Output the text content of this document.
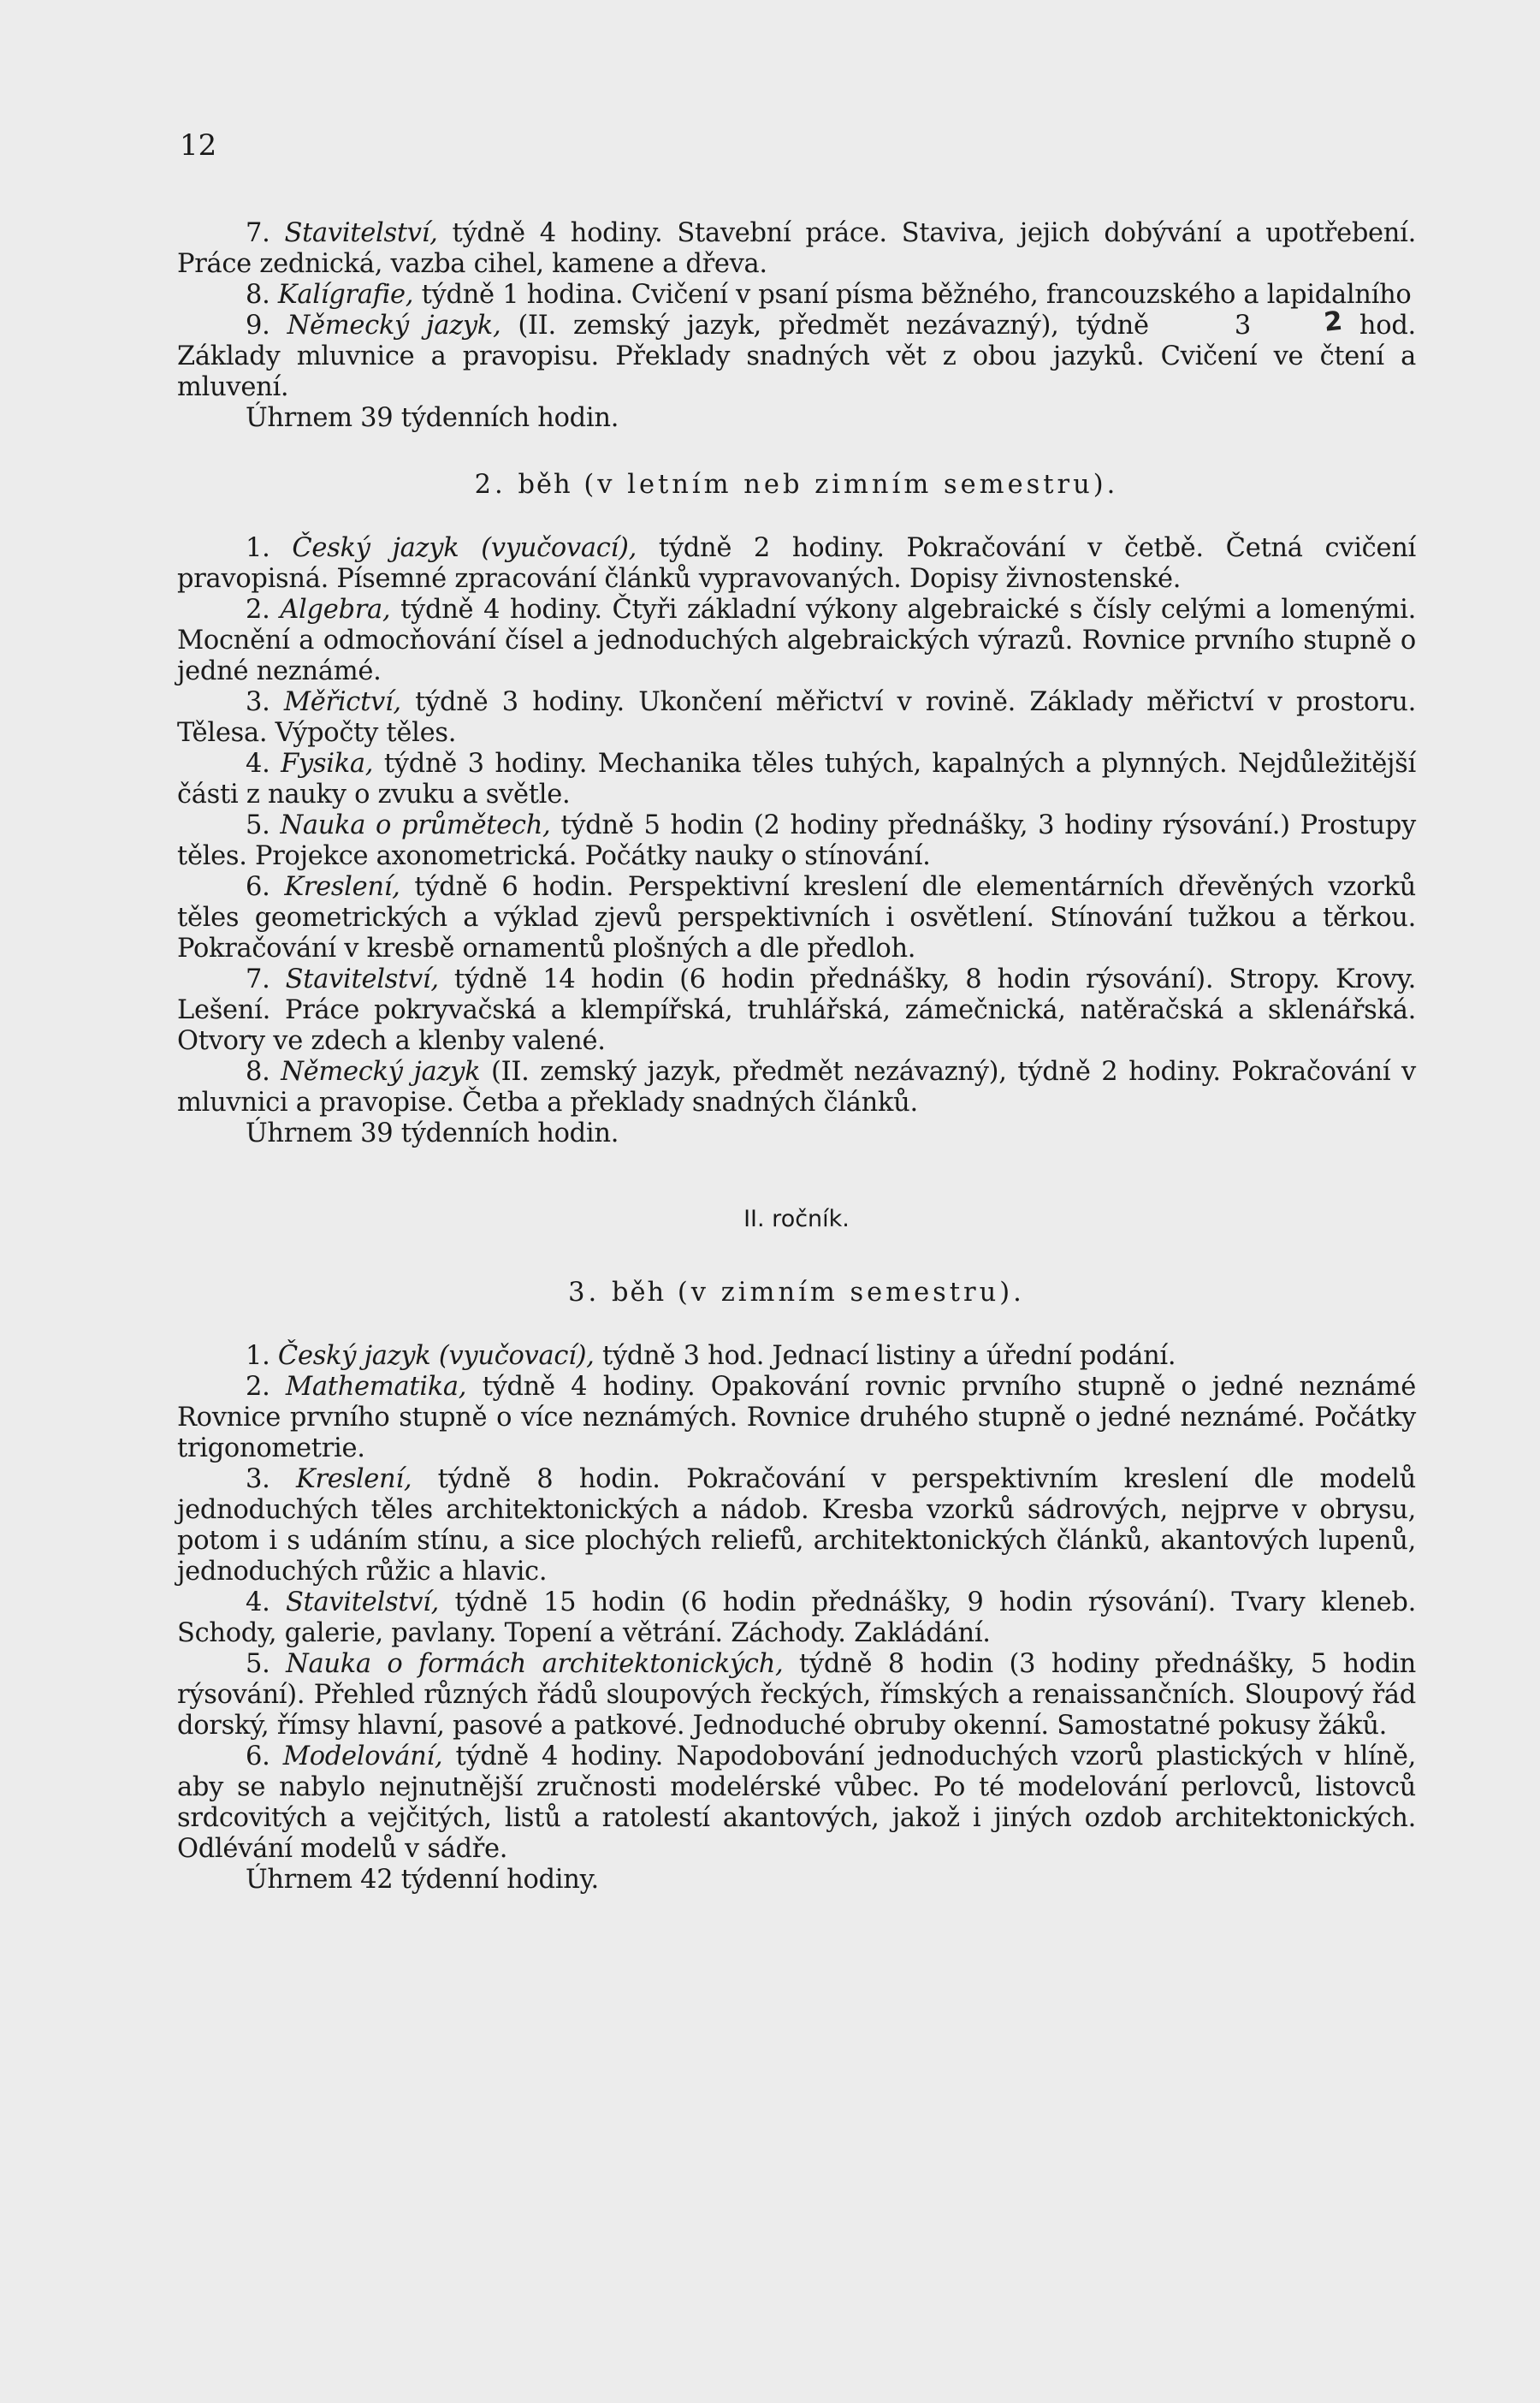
12

7. Stavitelství, týdně 4 hodiny. Stavební práce. Staviva, jejich dobývání a upotřebení. Práce zednická, vazba cihel, kamene a dřeva.

8. Kalígrafie, týdně 1 hodina. Cvičení v psaní písma běžného, francouzského a lapidalního

9. Německý jazyk, (II. zemský jazyk, předmět nezávazný), týdně	3	2 hod. Základy mluvnice a pravopisu. Překlady snadných vět z obou jazyků. Cvičení ve čtení a mluvení.

Úhrnem 39 týdenních hodin.

2. běh (v letním neb zimním semestru).

1. Český jazyk (vyučovací), týdně 2 hodiny. Pokračování v četbě. Četná cvičení pravopisná. Písemné zpracování článků vypravovaných. Dopisy živnostenské.

2. Algebra, týdně 4 hodiny. Čtyři základní výkony algebraické s čísly celými a lomenými. Mocnění a odmocňování čísel a jednoduchých algebraických výrazů. Rovnice prvního stupně o jedné neznámé.

3. Měřictví, týdně 3 hodiny. Ukončení měřictví v rovině. Základy měřictví v prostoru. Tělesa. Výpočty těles.

4. Fysika, týdně 3 hodiny. Mechanika těles tuhých, kapalných a plynných. Nejdůležitější části z nauky o zvuku a světle.

5. Nauka o průmětech, týdně 5 hodin (2 hodiny přednášky, 3 hodiny rýsování.) Prostupy těles. Projekce axonometrická. Počátky nauky o stínování.

6. Kreslení, týdně 6 hodin. Perspektivní kreslení dle elementárních dřevěných vzorků těles geometrických a výklad zjevů perspektivních i osvětlení. Stínování tužkou a těrkou. Pokračování v kresbě ornamentů plošných a dle předloh.

7. Stavitelství, týdně 14 hodin (6 hodin přednášky, 8 hodin rýsování). Stropy. Krovy. Lešení. Práce pokryvačská a klempířská, truhlářská, zámečnická, natěračská a sklenářská. Otvory ve zdech a klenby valené.

8. Německý jazyk (II. zemský jazyk, předmět nezávazný), týdně 2 hodiny. Pokračování v mluvnici a pravopise. Četba a překlady snadných článků.

Úhrnem 39 týdenních hodin.

II. ročník.

3. běh (v zimním semestru).

1. Český jazyk (vyučovací), týdně 3 hod. Jednací listiny a úřední podání.

2. Mathematika, týdně 4 hodiny. Opakování rovnic prvního stupně o jedné neznámé Rovnice prvního stupně o více neznámých. Rovnice druhého stupně o jedné neznámé. Počátky trigonometrie.

3. Kreslení, týdně 8 hodin. Pokračování v perspektivním kreslení dle modelů jednoduchých těles architektonických a nádob. Kresba vzorků sádrových, nejprve v obrysu, potom i s udáním stínu, a sice plochých reliefů, architektonických článků, akantových lupenů, jednoduchých růžic a hlavic.

4. Stavitelství, týdně 15 hodin (6 hodin přednášky, 9 hodin rýsování). Tvary kleneb. Schody, galerie, pavlany. Topení a větrání. Záchody. Zakládání.

5. Nauka o formách architektonických, týdně 8 hodin (3 hodiny přednášky, 5 hodin rýsování). Přehled různých řádů sloupových řeckých, římských a renaissančních. Sloupový řád dorský, římsy hlavní, pasové a patkové. Jednoduché obruby okenní. Samostatné pokusy žáků.

6. Modelování, týdně 4 hodiny. Napodobování jednoduchých vzorů plastických v hlíně, aby se nabylo nejnutnější zručnosti modelérské vůbec. Po té modelování perlovců, listovců srdcovitých a vejčitých, listů a ratolestí akantových, jakož i jiných ozdob architektonických. Odlévání modelů v sádře.

Úhrnem 42 týdenní hodiny.
